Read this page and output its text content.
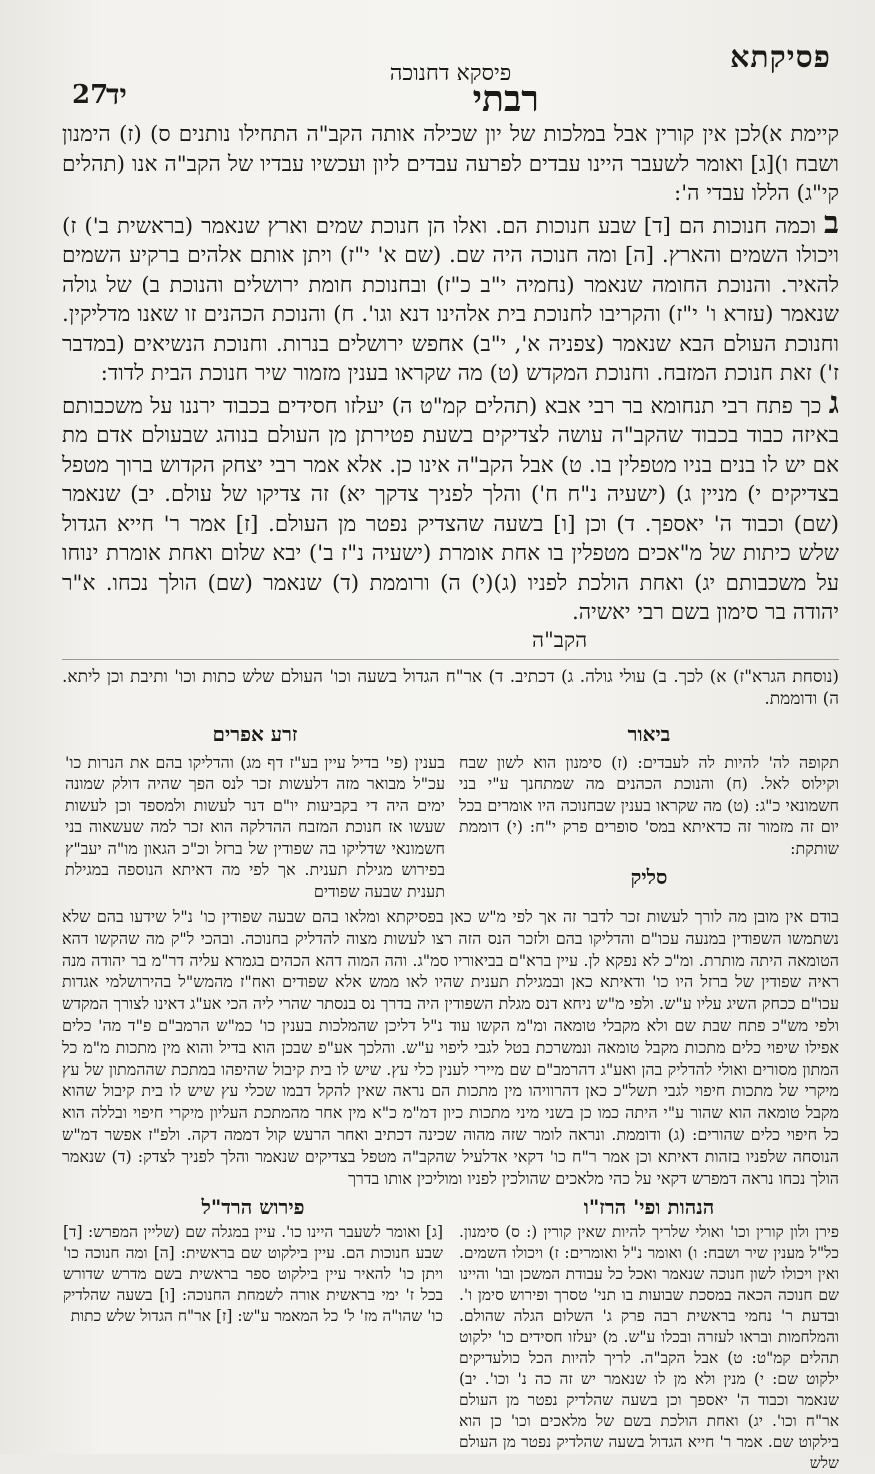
פסיקתא
פיסקא דחנוכה
רבתי
יד
27

קיימת א)לכן אין קורין אבל במלכות של יון שכילה אותה הקב"ה התחילו נותנים ס) (ז) הימנון ושבח ו)[ג] ואומר לשעבר היינו עבדים לפרעה עבדים ליון ועכשיו עבדיו של הקב"ה אנו (תהלים קי"ג) הללו עבדי ה':

ב וכמה חנוכות הם [ד] שבע חנוכות הם. ואלו הן חנוכת שמים וארץ שנאמר (בראשית ב') ז) ויכולו השמים והארץ. [ה] ומה חנוכה היה שם. (שם א' י"ז) ויתן אותם אלהים ברקיע השמים להאיר. והנוכת החומה שנאמר (נחמיה י"ב כ"ז) ובחנוכת חומת ירושלים והנוכת ב) של גולה שנאמר (עזרא ו' י"ז) והקריבו לחנוכת בית אלהינו דנא וגו'. ח) והנוכת הכהנים זו שאנו מדליקין. וחנוכת העולם הבא שנאמר (צפניה א', י"ב) אחפש ירושלים בנרות. וחנוכת הנשיאים (במדבר ז') זאת חנוכת המזבח. וחנוכת המקדש (ט) מה שקראו בענין מזמור שיר חנוכת הבית לדוד:

ג כך פתח רבי תנחומא בר רבי אבא (תהלים קמ"ט ה) יעלזו חסידים בכבוד ירננו על משכבותם באיזה כבוד בכבוד שהקב"ה עושה לצדיקים בשעת פטירתן מן העולם בנוהג שבעולם אדם מת אם יש לו בנים בניו מטפלין בו. ט) אבל הקב"ה אינו כן. אלא אמר רבי יצחק הקדוש ברוך מטפל בצדיקים י) מניין ג) (ישעיה נ"ח ח') והלך לפניך צדקך יא) זה צדיקו של עולם. יב) שנאמר (שם) וכבוד ה' יאספך. ד) וכן [ו] בשעה שהצדיק נפטר מן העולם. [ז] אמר ר' חייא הגדול שלש כיתות של מ"אכים מטפלין בו אחת אומרת (ישעיה נ"ז ב') יבא שלום ואחת אומרת ינוחו על משכבותם יג) ואחת הולכת לפניו (ג)(י) ה) ורוממת (ד) שנאמר (שם) הולך נכחו. א"ר יהודה בר סימון בשם רבי יאשיה.

הקב"ה
(נוסחת הגרא"ז) א) לכך. ב) עולי גולה. ג) דכתיב. ד) אר"ח הגדול בשעה וכו' העולם שלש כתות וכו' ותיבת וכן ליתא. ה) ודוממת.
ביאור
תקופה לה' להיות לה לעבדים: (ז) סימנון הוא לשון שבח וקילוס לאל. (ח) והנוכת הכהנים מה שמתחנך ע"י בני חשמונאי כ"ג: (ט) מה שקראו בענין שבחנוכה היו אומרים בכל יום זה מזמור זה כדאיתא במס' סופרים פרק י"ח: (י) דוממת שותקת:
סליק
זרע אפרים
בענין (פי' בדיל עיין בע"ז דף מג) והדליקו בהם את הנרות כו' עכ"ל מבואר מזה דלעשות זכר לנס הפך שהיה דולק שמונה ימים היה די בקביעות יו"ם דנר לעשות ולמספד וכן לעשות שעשו אז חנוכת המזבח ההדלקה הוא זכר למה שעשאוה בני חשמונאי שדליקו בה שפודין של ברזל וכ"כ הגאון מו"ה יעב"ץ בפירוש מגילת תענית. אך לפי מה דאיתא הנוספה במגילת תענית שבעה שפודים
בודם אין מובן מה לורך לעשות זכר לדבר זה אך לפי מ"ש כאן בפסיקתא ומלאו בהם שבעה שפודין כו' נ"ל שידעו בהם שלא נשתמשו השפודין במנעה עכו"ם והדליקו בהם ולזכר הנס הזה רצו לעשות מצוה להדליק בחנוכה. ובהכי ל"ק מה שהקשו דהא הטומאה היתה מותרת. ומ"כ לא נפקא לן. עיין ברא"ם בביאוריו סמ"ג. והה המוה דהא הכהים בגמרא עליה דר"מ בר יהודה מנה ראיה שפודין של ברזל היו כו' ודאיתא כאן ובמגילת תענית שהיו לאו ממש אלא שפודים ואח"ז מהמש"ל בהירושלמי אגדות עכו"ם ככחק השיג עליו ע"ש. ולפי מ"ש ניחא דנס מגלת השפודין היה בדרך נס בנסתר שהרי ליה הכי אע"ג דאינו לצורך המקדש ולפי מש"כ פתח שבת שם ולא מקבלי טומאה ומ"מ הקשו עוד נ"ל דליכן שהמלכות בענין כו' כמ"ש הרמב"ם פ"ד מה' כלים אפילו שיפוי כלים מתכות מקבל טומאה ונמשרכת בטל לגבי ליפוי ע"ש. והלכך אע"פ שבכן הוא בדיל והוא מין מתכות מ"מ כל המתון מסורים ואולי להדליק בהן ואע"ג דהרמב"ם שם מיירי לענין כלי עץ. שיש לו בית קיבול שהיפהו במתכת שההמתון של עץ מיקרי של מתכות חיפוי לגבי תשל"כ כאן דהרוויהו מין מתכות הם נראה שאין להקל דבמו שכלי עץ שיש לו בית קיבול שהוא מקבל טומאה הוא שהור ע"י היתה כמו כן בשני מיני מתכות כיון דמ"מ כ"א מין אחר מהמתכת העליון מיקרי חיפוי ובללה הוא כל חיפוי כלים שהורים: (ג) ודוממת. ונראה לומר שזה מהוה שכינה דכתיב ואחר הרעש קול דממה דקה. ולפ"ז אפשר דמ"ש הנוסחה שלפניו בזהות דאיתא וכן אמר ר"ח כו' דקאי אדלעיל שהקב"ה מטפל בצדיקים שנאמר והלך לפניך לצדק: (ד) שנאמר הולך נכחו נראה דמפרש דקאי על כהי מלאכים שהולכין לפניו ומוליכין אותו בדרך
הנהות ופי' הרז"ו
פירן ולון קורין וכו' ואולי שלריך להיות שאין קורין (: ס) סימנון. כל"ל מענין שיר ושבח: ו) ואומר נ"ל ואומרים: ז) ויכולו השמים. ואין ויכולו לשון חנוכה שנאמר ואכל כל עבודת המשכן ובו' והיינו שם חנוכה הכאה במסכת שבועות בו תני' טסרך ופירוש סימן ו'. ובדעת ר' נחמי בראשית רבה פרק ג' השלום הגלה שהולם. והמלחמות ובראו לעזרה ובכלו ע"ש. מ) יעלזו חסידים כו' ילקוט תהלים קמ"ט: ט) אבל הקב"ה. לריך להיות הכל כולעדיקים ילקוט שם: י) מנין ולא מן לו שנאמר יש זה כה נ' וכו'. יב) שנאמר וכבוד ה' יאספך וכן בשעה שהלדיק נפטר מן העולם אר"ח וכו'. יג) ואחת הולכת בשם של מלאכים וכו' כן הוא בילקוט שם. אמר ר' חייא הגדול בשעה שהלדיק נפטר מן העולם שלש
פירוש הרד"ל
[ג] ואומר לשעבר היינו כו'. עיין במגלה שם (שליין המפרש: [ד] שבע חנוכות הם. עיין בילקוט שם בראשית: [ה] ומה חנוכה כו' ויתן כו' להאיר עיין בילקוט ספר בראשית בשם מדרש שדורש בכל ז' ימי בראשית אורה לשמחת החנוכה: [ו] בשעה שהלדיק כו' שהו"ה מז' ל' כל המאמר ע"ש: [ז] אר"ח הגדול שלש כתות
